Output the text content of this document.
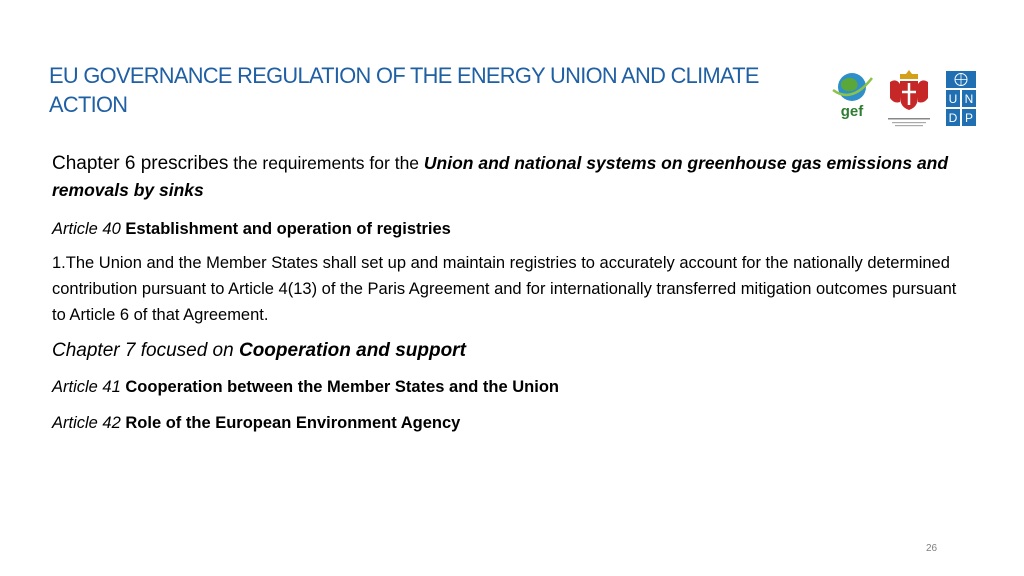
EU GOVERNANCE REGULATION OF THE ENERGY UNION AND CLIMATE ACTION	gef
U N
D P

Chapter 6 prescribes the requirements for the Union and national systems on greenhouse gas emissions and removals by sinks

Article 40 Establishment and operation of registries

1.The Union and the Member States shall set up and maintain registries to accurately account for the nationally determined contribution pursuant to Article 4(13) of the Paris Agreement and for internationally transferred mitigation outcomes pursuant to Article 6 of that Agreement.

Chapter 7 focused on Cooperation and support

Article 41 Cooperation between the Member States and the Union

Article 42 Role of the European Environment Agency

26
